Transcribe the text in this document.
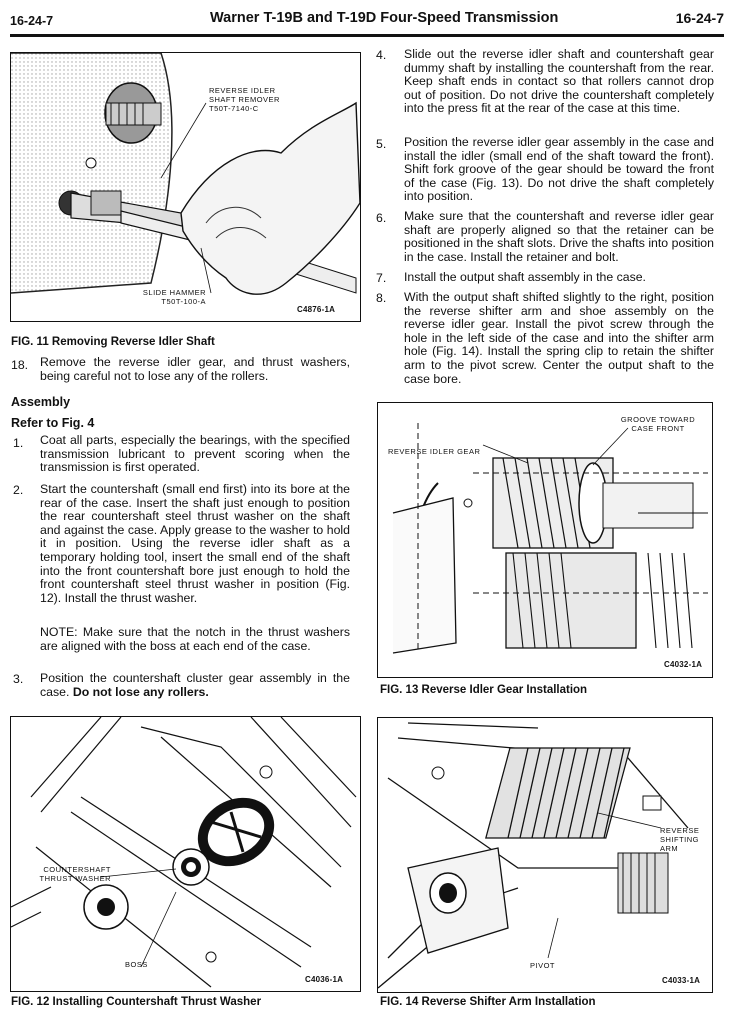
16-24-7	Warner T-19B and T-19D Four-Speed Transmission	16-24-7
REVERSE IDLER SHAFT REMOVER T50T-7140-C
SLIDE HAMMER T50T-100-A
C4876-1A
FIG. 11 Removing Reverse Idler Shaft
18. Remove the reverse idler gear, and thrust washers, being careful not to lose any of the rollers.
Assembly
Refer to Fig. 4
1. Coat all parts, especially the bearings, with the specified transmission lubricant to prevent scoring when the transmission is first operated.
2. Start the countershaft (small end first) into its bore at the rear of the case. Insert the shaft just enough to position the rear countershaft steel thrust washer on the shaft and against the case. Apply grease to the washer to hold it in position. Using the reverse idler shaft as a temporary holding tool, insert the small end of the shaft into the front countershaft bore just enough to hold the front countershaft steel thrust washer in position (Fig. 12). Install the thrust washer.
NOTE: Make sure that the notch in the thrust washers are aligned with the boss at each end of the case.
3. Position the countershaft cluster gear assembly in the case. Do not lose any rollers.
4. Slide out the reverse idler shaft and countershaft gear dummy shaft by installing the countershaft from the rear. Keep shaft ends in contact so that rollers cannot drop out of position. Do not drive the countershaft completely into the press fit at the rear of the case at this time.
5. Position the reverse idler gear assembly in the case and install the idler (small end of the shaft toward the front). Shift fork groove of the gear should be toward the front of the case (Fig. 13). Do not drive the shaft completely into position.
6. Make sure that the countershaft and reverse idler gear shaft are properly aligned so that the retainer can be positioned in the shaft slots. Drive the shafts into position in the case. Install the retainer and bolt.
7. Install the output shaft assembly in the case.
8. With the output shaft shifted slightly to the right, position the reverse shifter arm and shoe assembly on the reverse idler gear. Install the pivot screw through the hole in the left side of the case and into the shifter arm hole (Fig. 14). Install the spring clip to retain the shifter arm to the pivot screw. Center the output shaft to the case bore.
GROOVE TOWARD CASE FRONT
REVERSE IDLER GEAR
C4032-1A
FIG. 13 Reverse Idler Gear Installation
COUNTERSHAFT THRUST WASHER
BOSS
C4036-1A
FIG. 12 Installing Countershaft Thrust Washer
REVERSE SHIFTING ARM
PIVOT
C4033-1A
FIG. 14 Reverse Shifter Arm Installation
